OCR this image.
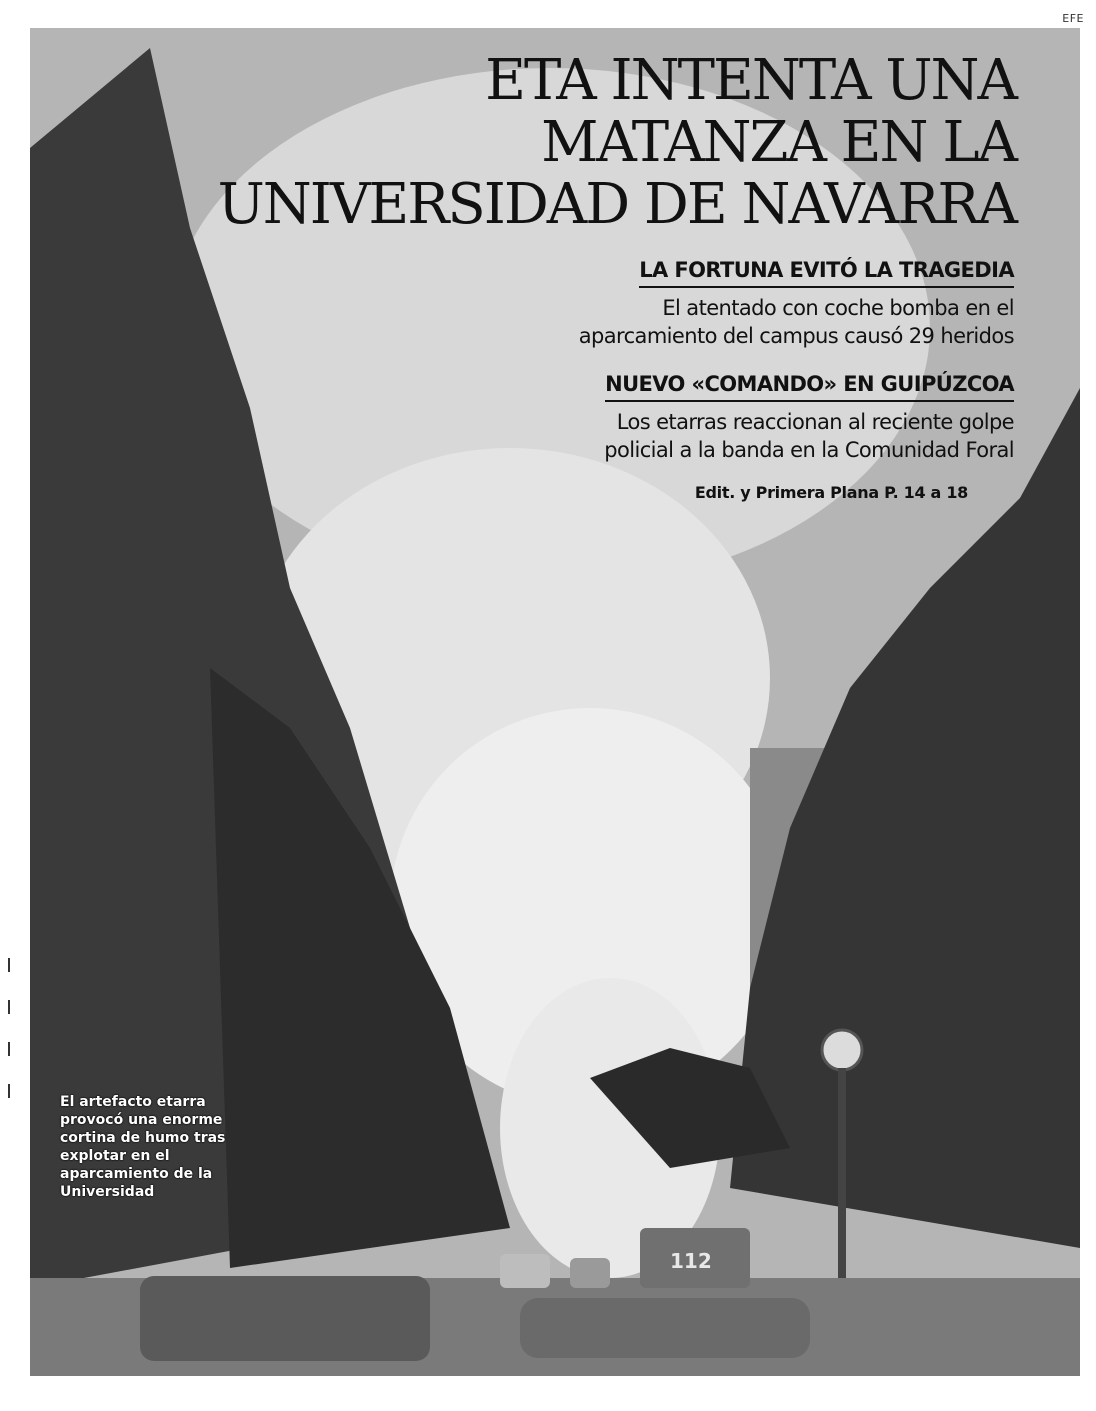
EFE
112
ETA INTENTA UNA
MATANZA EN LA
UNIVERSIDAD DE NAVARRA
LA FORTUNA EVITÓ LA TRAGEDIA
El atentado con coche bomba en el
aparcamiento del campus causó 29 heridos
NUEVO «COMANDO» EN GUIPÚZCOA
Los etarras reaccionan al reciente golpe
policial a la banda en la Comunidad Foral
Edit. y Primera Plana P. 14 a 18
El artefacto etarra provocó una enorme cortina de humo tras explotar en el aparcamiento de la Universidad
